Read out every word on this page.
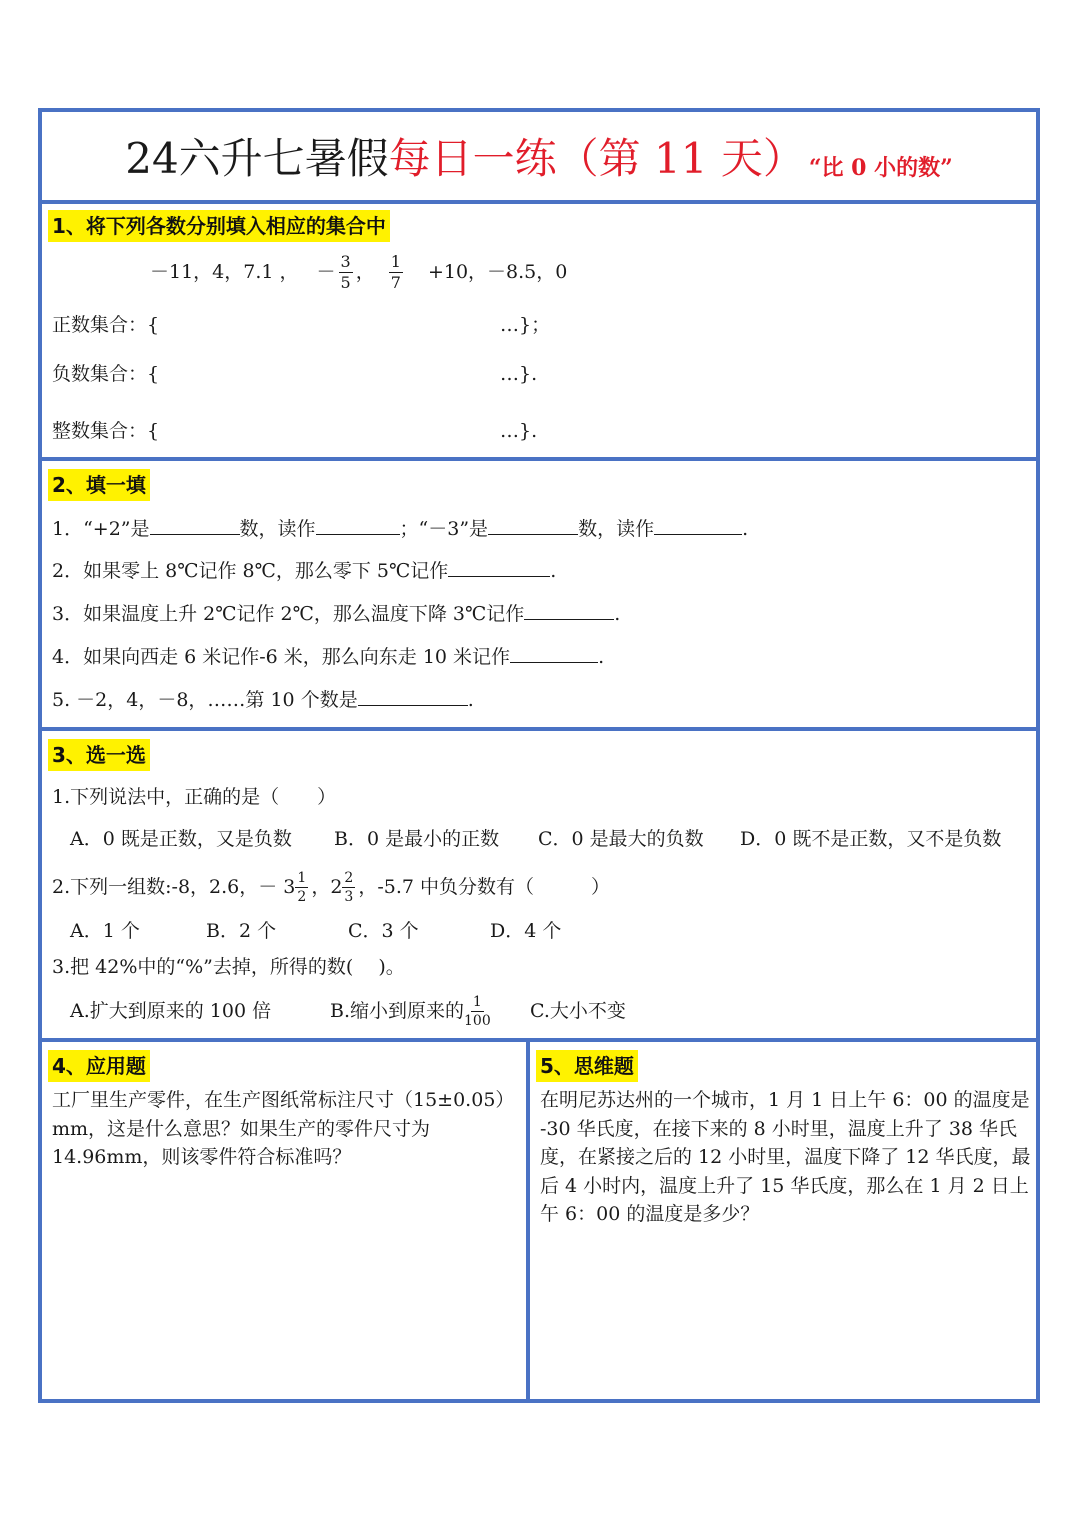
24六升七暑假 每日一练（第 11 天） “比 0 小的数”
1、将下列各数分别填入相应的集合中
－11，4，7.1 ， － $\frac{3}{5}$ ， $\frac{1}{7} +10$，－8.5，0
正数集合：{	…}；
负数集合：{	…}.
整数集合：{	…}.
2、填一填
1．“+2”是	数，读作	；“－3”是	数，读作	.
2．如果零上 8℃记作 8℃，那么零下 5℃记作	.
3．如果温度上升 2℃记作 2℃，那么温度下降 3℃记作	.
4．如果向西走 6 米记作-6 米，那么向东走 10 米记作	.
5. －2，4，－8，……第 10 个数是	.
3、选一选
1.下列说法中，正确的是（　　）
A．0 既是正数，又是负数 B．0 是最小的正数 C．0 是最大的负数 D．0 既不是正数，又不是负数
2.下列一组数:-8，2.6，－ $3 \frac{1}{2}$ ，$2 \frac{2}{3}$ ，-5.7 中负分数有（　　　）
A．1 个	B．2 个	C．3 个	D．4 个
3.把 42%中的“%”去掉，所得的数(　 )。
A.扩大到原来的 100 倍	B.缩小到原来的 $\frac{1}{100} C$.大小不变
4、应用题
工厂里生产零件，在生产图纸常标注尺寸（15±0.05）mm，这是什么意思？如果生产的零件尺寸为 14.96mm，则该零件符合标准吗？
5、思维题
在明尼苏达州的一个城市，1 月 1 日上午 6：00 的温度是 -30 华氏度，在接下来的 8 小时里，温度上升了 38 华氏度，在紧接之后的 12 小时里，温度下降了 12 华氏度，最后 4 小时内，温度上升了 15 华氏度，那么在 1 月 2 日上午 6：00 的温度是多少？
